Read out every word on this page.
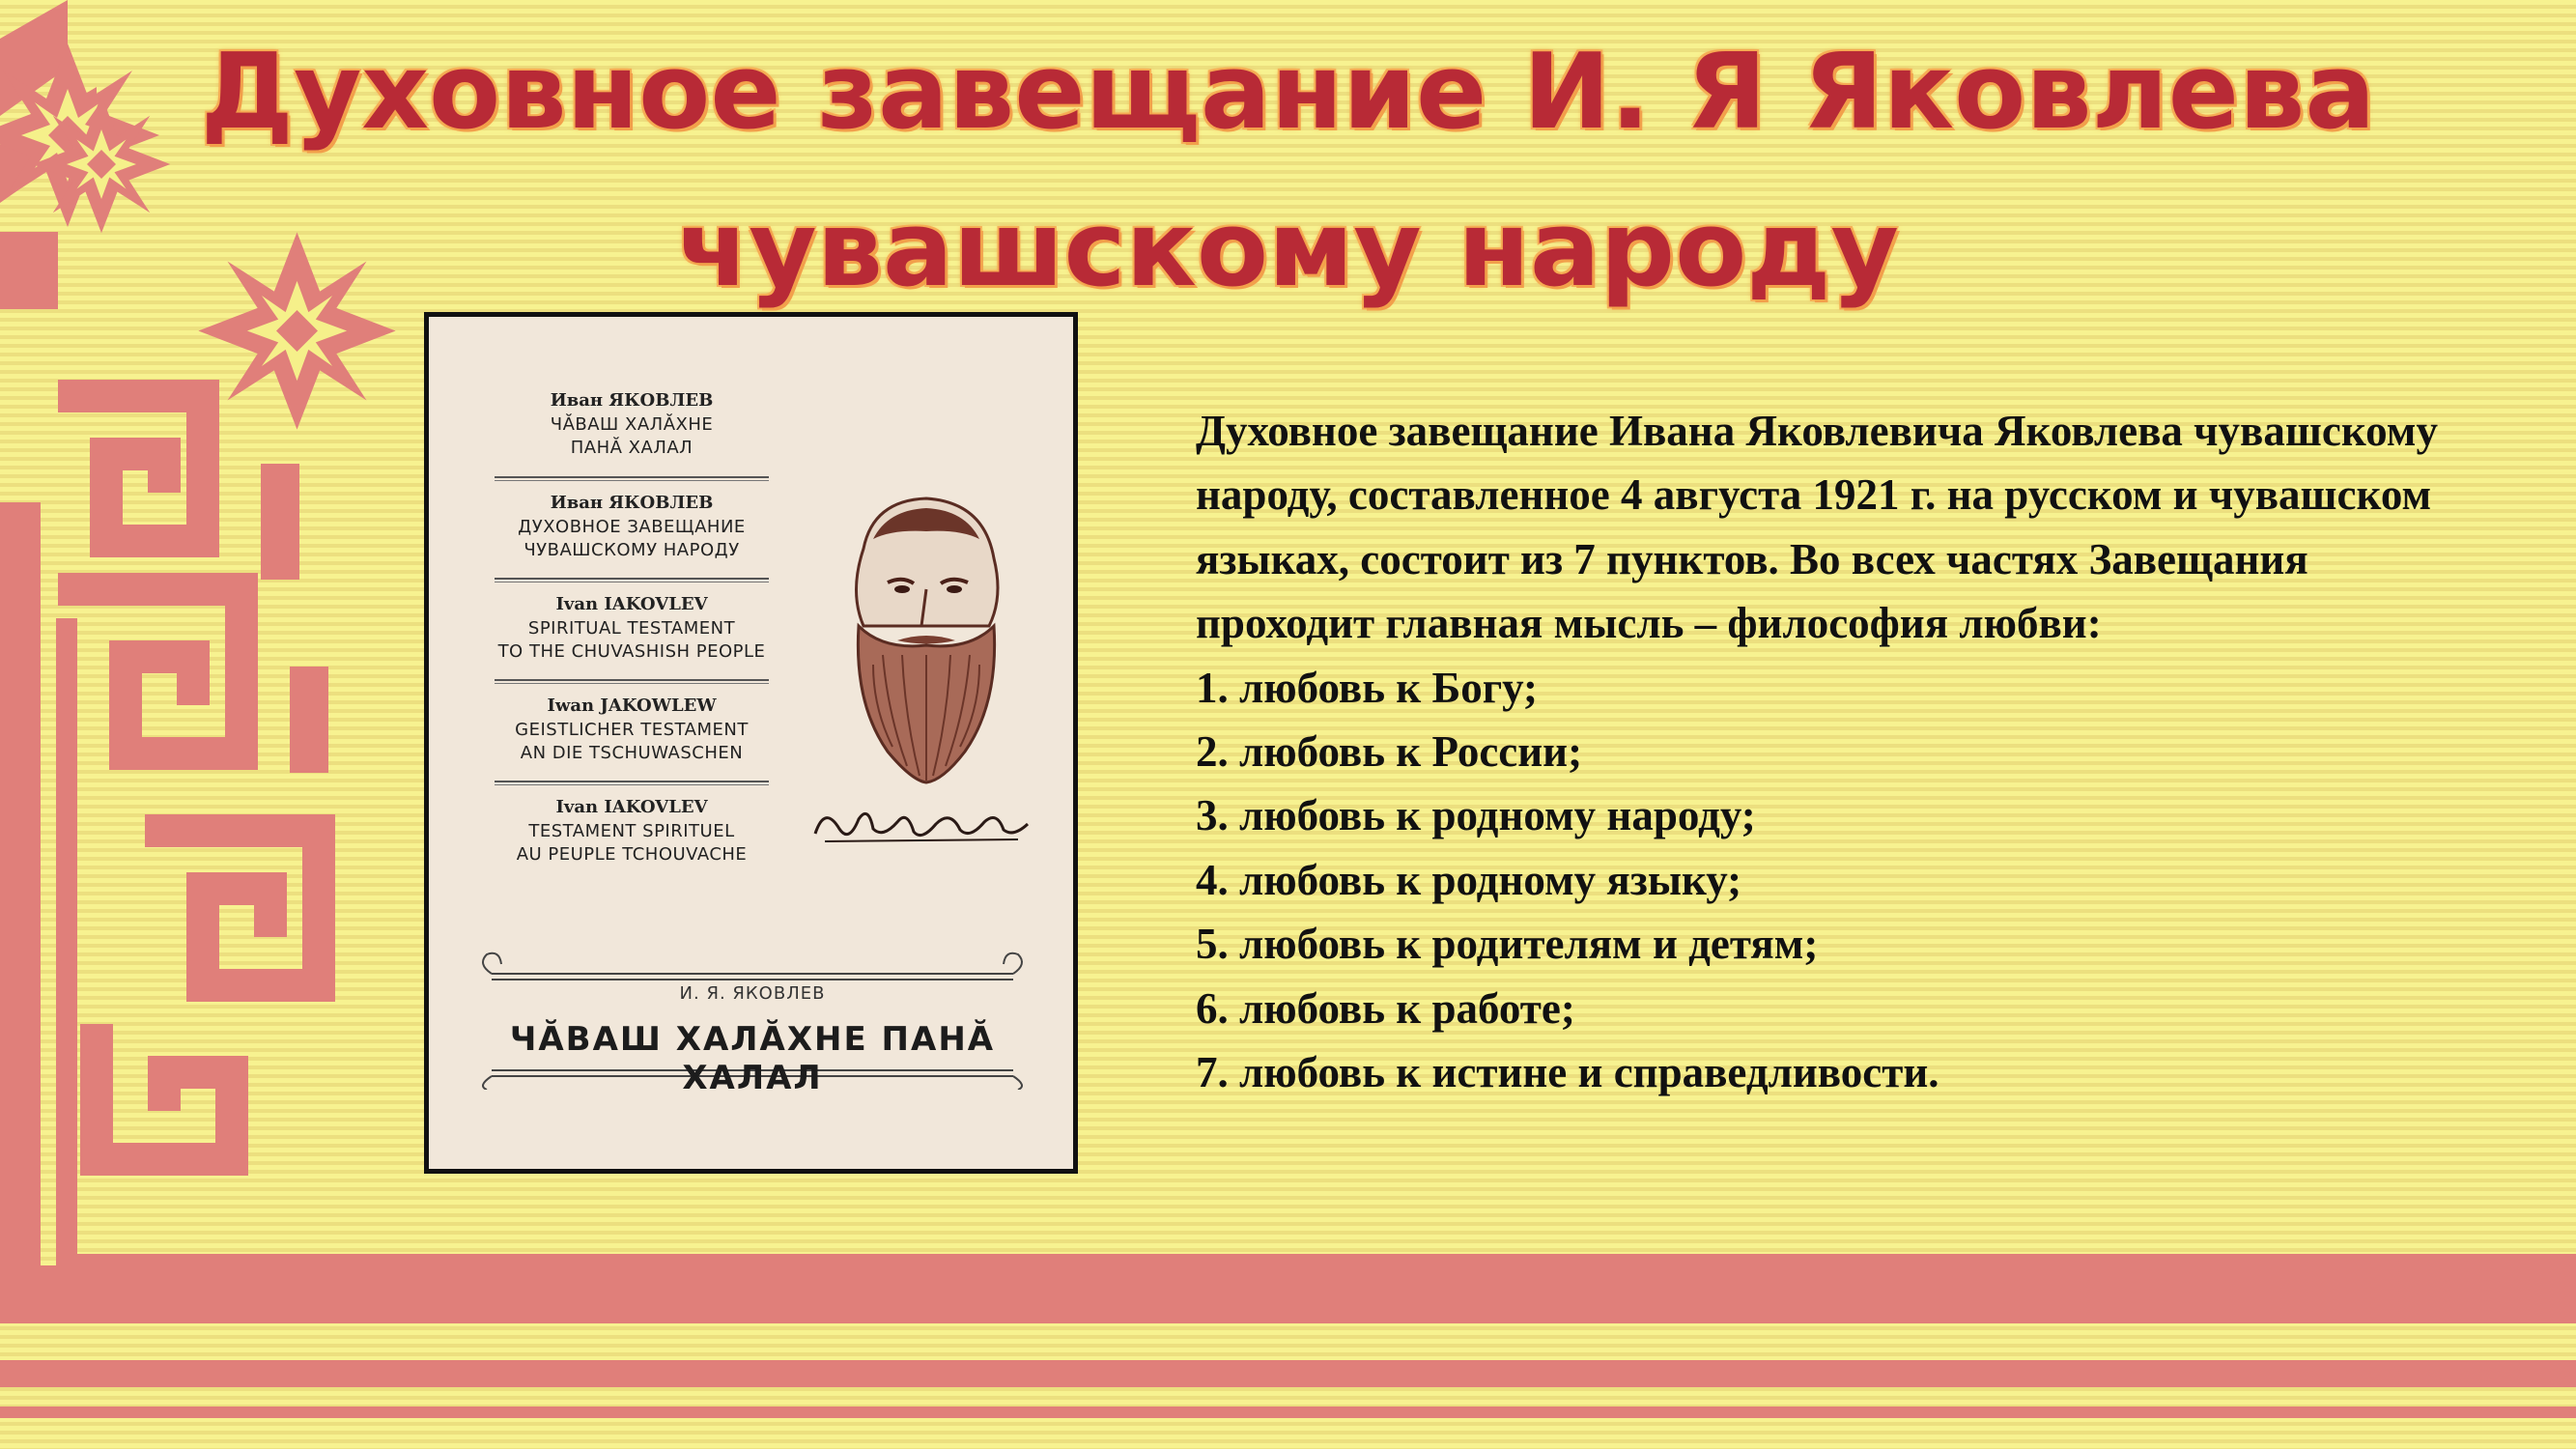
Духовное завещание И. Я Яковлева
чувашскому народу
Иван ЯКОВЛЕВ
ЧĂВАШ ХАЛĂХНЕ
ПАНĂ ХАЛАЛ
Иван ЯКОВЛЕВ
ДУХОВНОЕ ЗАВЕЩАНИЕ
ЧУВАШСКОМУ НАРОДУ
Ivan IAKOVLEV
SPIRITUAL TESTAMENT
TO THE CHUVASHISH PEOPLE
Iwan JAKOWLEW
GEISTLICHER TESTAMENT
AN DIE TSCHUWASCHEN
Ivan IAKOVLEV
TESTAMENT SPIRITUEL
AU PEUPLE TCHOUVACHE
И. Я. ЯКОВЛЕВ
ЧĂВАШ ХАЛĂХНЕ ПАНĂ ХАЛАЛ

Духовное завещание Ивана Яковлевича Яковлева чувашскому народу, составленное 4 августа 1921 г. на русском и чувашском языках, состоит из 7 пунктов. Во всех частях Завещания проходит главная мысль – философия любви:

1. любовь к Богу;
2. любовь к России;
3. любовь к родному народу;
4. любовь к родному языку;
5. любовь к родителям и детям;
6. любовь к работе;
7. любовь к истине и справедливости.
